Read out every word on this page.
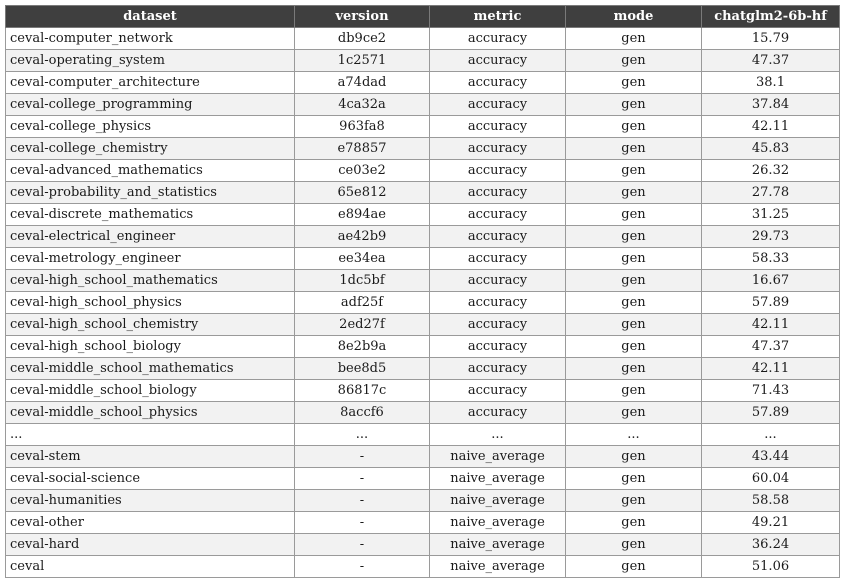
dataset	version	metric	mode	chatglm2-6b-hf
ceval-computer_network	db9ce2	accuracy	gen	15.79
ceval-operating_system	1c2571	accuracy	gen	47.37
ceval-computer_architecture	a74dad	accuracy	gen	38.1
ceval-college_programming	4ca32a	accuracy	gen	37.84
ceval-college_physics	963fa8	accuracy	gen	42.11
ceval-college_chemistry	e78857	accuracy	gen	45.83
ceval-advanced_mathematics	ce03e2	accuracy	gen	26.32
ceval-probability_and_statistics	65e812	accuracy	gen	27.78
ceval-discrete_mathematics	e894ae	accuracy	gen	31.25
ceval-electrical_engineer	ae42b9	accuracy	gen	29.73
ceval-metrology_engineer	ee34ea	accuracy	gen	58.33
ceval-high_school_mathematics	1dc5bf	accuracy	gen	16.67
ceval-high_school_physics	adf25f	accuracy	gen	57.89
ceval-high_school_chemistry	2ed27f	accuracy	gen	42.11
ceval-high_school_biology	8e2b9a	accuracy	gen	47.37
ceval-middle_school_mathematics	bee8d5	accuracy	gen	42.11
ceval-middle_school_biology	86817c	accuracy	gen	71.43
ceval-middle_school_physics	8accf6	accuracy	gen	57.89
...	...	...	...	...
ceval-stem	-	naive_average	gen	43.44
ceval-social-science	-	naive_average	gen	60.04
ceval-humanities	-	naive_average	gen	58.58
ceval-other	-	naive_average	gen	49.21
ceval-hard	-	naive_average	gen	36.24
ceval	-	naive_average	gen	51.06
